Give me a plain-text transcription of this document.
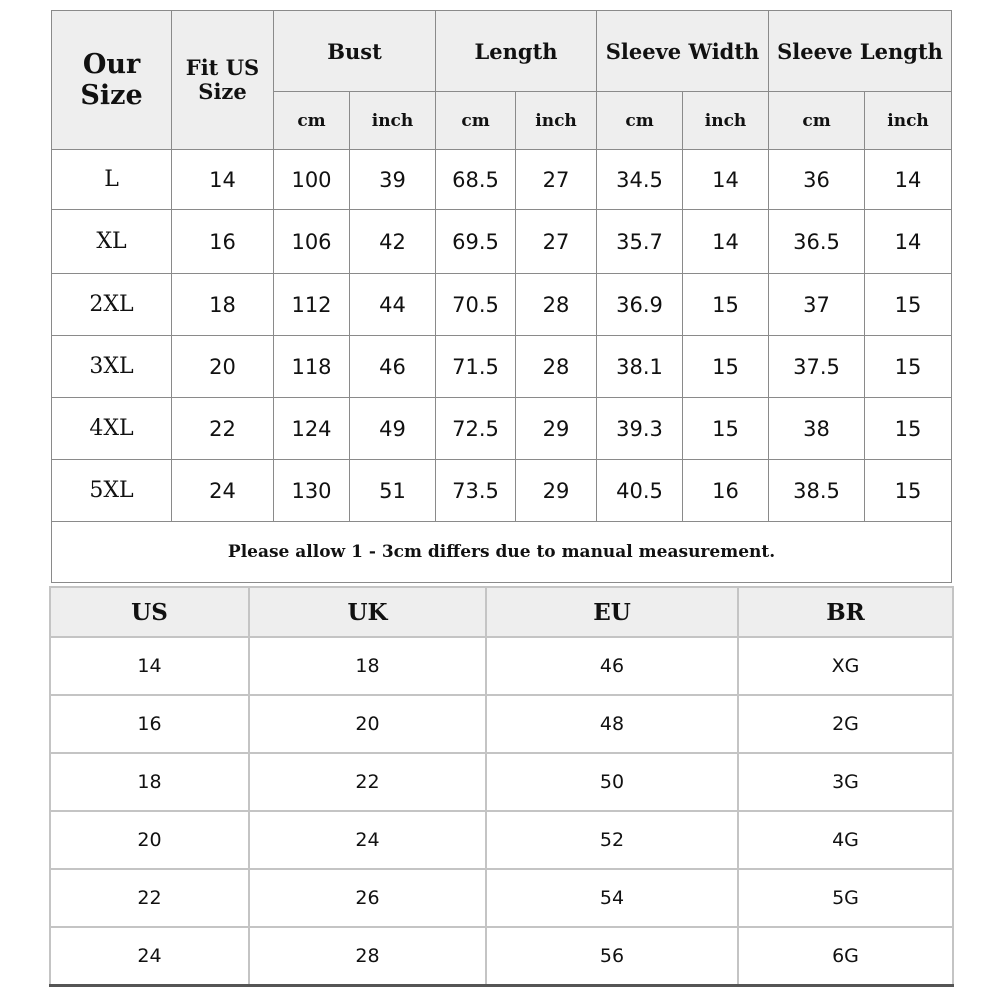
Our Size	Fit US Size	Bust		Length		Sleeve Width		Sleeve Length	
		cm	inch	cm	inch	cm	inch	cm	inch
L	14	100	39	68.5	27	34.5	14	36	14
XL	16	106	42	69.5	27	35.7	14	36.5	14
2XL	18	112	44	70.5	28	36.9	15	37	15
3XL	20	118	46	71.5	28	38.1	15	37.5	15
4XL	22	124	49	72.5	29	39.3	15	38	15
5XL	24	130	51	73.5	29	40.5	16	38.5	15
Please allow 1 - 3cm differs due to manual measurement.									
US	UK	EU	BR
14	18	46	XG
16	20	48	2G
18	22	50	3G
20	24	52	4G
22	26	54	5G
24	28	56	6G
